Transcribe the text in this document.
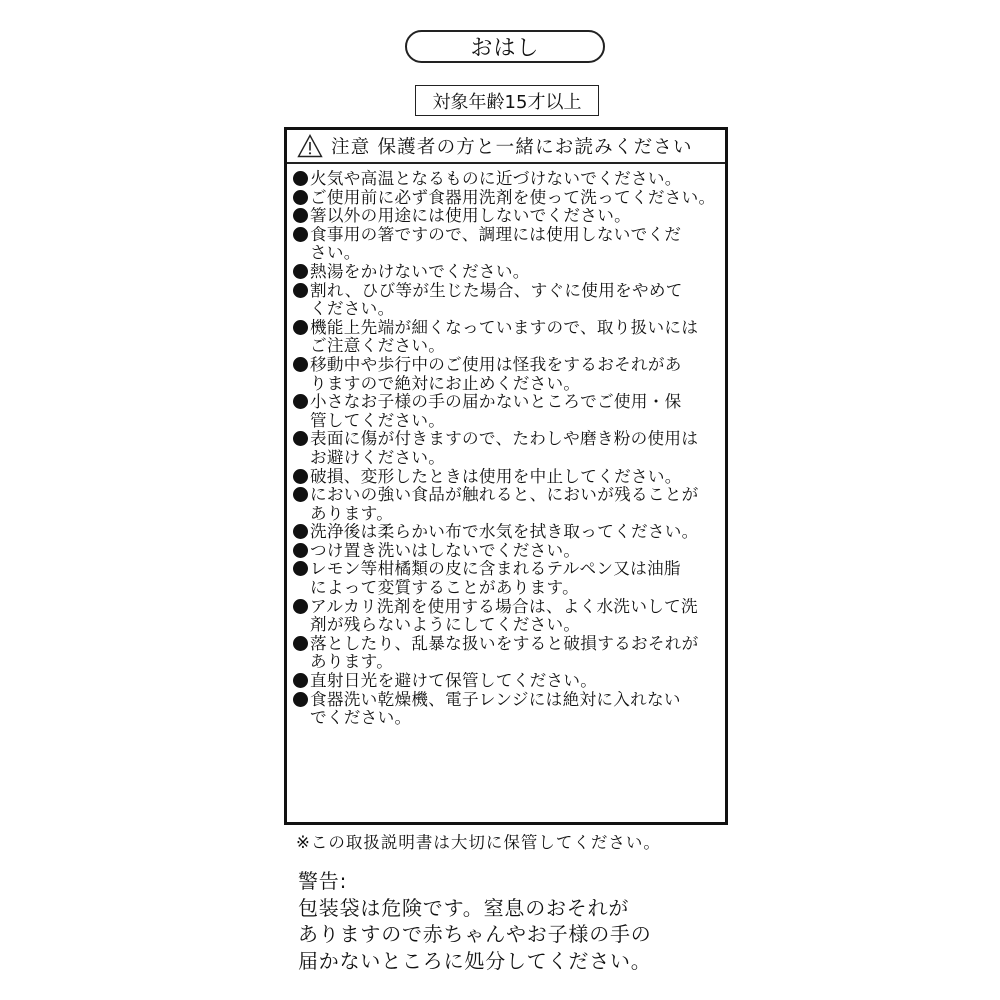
おはし
対象年齢15才以上
注意 保護者の方と一緒にお読みください
火気や高温となるものに近づけないでください。
ご使用前に必ず食器用洗剤を使って洗ってください。
箸以外の用途には使用しないでください。
食事用の箸ですので、調理には使用しないでくだ
さい。
熱湯をかけないでください。
割れ、ひび等が生じた場合、すぐに使用をやめて
ください。
機能上先端が細くなっていますので、取り扱いには
ご注意ください。
移動中や歩行中のご使用は怪我をするおそれがあ
りますので絶対にお止めください。
小さなお子様の手の届かないところでご使用・保
管してください。
表面に傷が付きますので、たわしや磨き粉の使用は
お避けください。
破損、変形したときは使用を中止してください。
においの強い食品が触れると、においが残ることが
あります。
洗浄後は柔らかい布で水気を拭き取ってください。
つけ置き洗いはしないでください。
レモン等柑橘類の皮に含まれるテルペン又は油脂
によって変質することがあります。
アルカリ洗剤を使用する場合は、よく水洗いして洗
剤が残らないようにしてください。
落としたり、乱暴な扱いをすると破損するおそれが
あります。
直射日光を避けて保管してください。
食器洗い乾燥機、電子レンジには絶対に入れない
でください。
※この取扱説明書は大切に保管してください。
警告:
包装袋は危険です。窒息のおそれが
ありますので赤ちゃんやお子様の手の
届かないところに処分してください。
